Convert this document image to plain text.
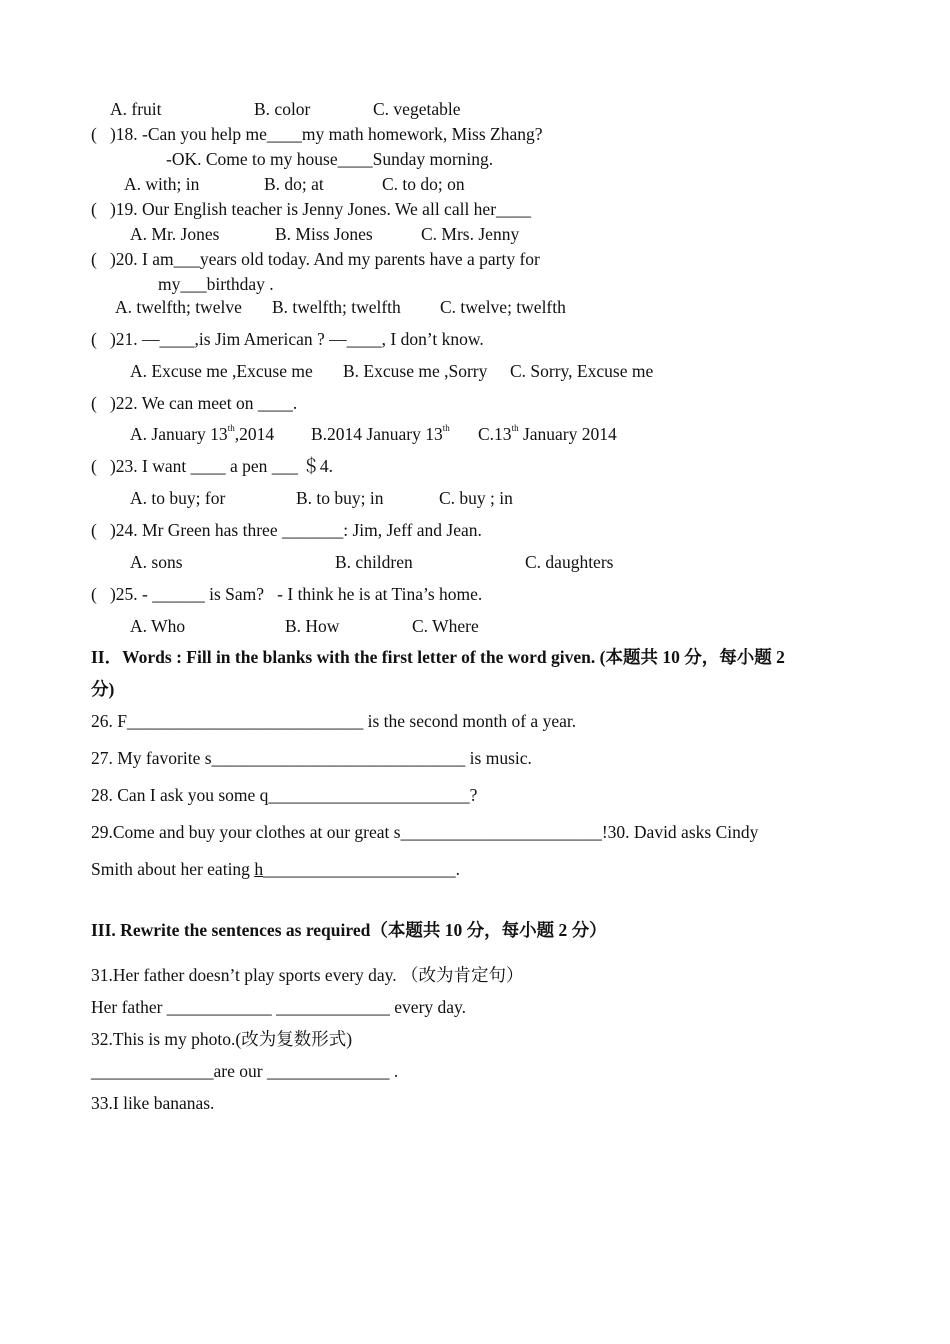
A. fruit	B. color	C. vegetable
(   )18. -Can you help me____my math homework, Miss Zhang?
-OK. Come to my house____Sunday morning.
A. with; in	B. do; at	C. to do; on
(   )19. Our English teacher is Jenny Jones. We all call her____
A. Mr. Jones	B. Miss Jones	C. Mrs. Jenny
(   )20. I am___years old today. And my parents have a party for
my___birthday .
A. twelfth; twelve B. twelfth; twelfth C. twelve; twelfth
(   )21. —____,is Jim American ? —____, I don’t know.
A. Excuse me ,Excuse me B. Excuse me ,Sorry C. Sorry, Excuse me
(   )22. We can meet on ____.
A. January 13th,2014 B.2014 January 13th C.13th January 2014
(   )23. I want ____ a pen ___ ＄4.
A. to buy; for	B. to buy; in	C. buy ; in
(   )24. Mr Green has three _______: Jim, Jeff and Jean.
A. sons	B. children	C. daughters
(   )25. - ______ is Sam?   - I think he is at Tina’s home.
A. Who	B. How	C. Where
II．Words : Fill in the blanks with the first letter of the word given. (本题共 10 分，每小题 2
分)
26. F___________________________ is the second month of a year.
27. My favorite s_____________________________ is music.
28. Can I ask you some q_______________________?
29.Come and buy your clothes at our great s_______________________!30. David asks Cindy
Smith about her eating h______________________.
III. Rewrite the sentences as required（本题共 10 分，每小题 2 分）
31.Her father doesn’t play sports every day. （改为肯定句）
Her father ____________ _____________ every day.
32.This is my photo.(改为复数形式)
______________are our ______________ .
33.I like bananas.
